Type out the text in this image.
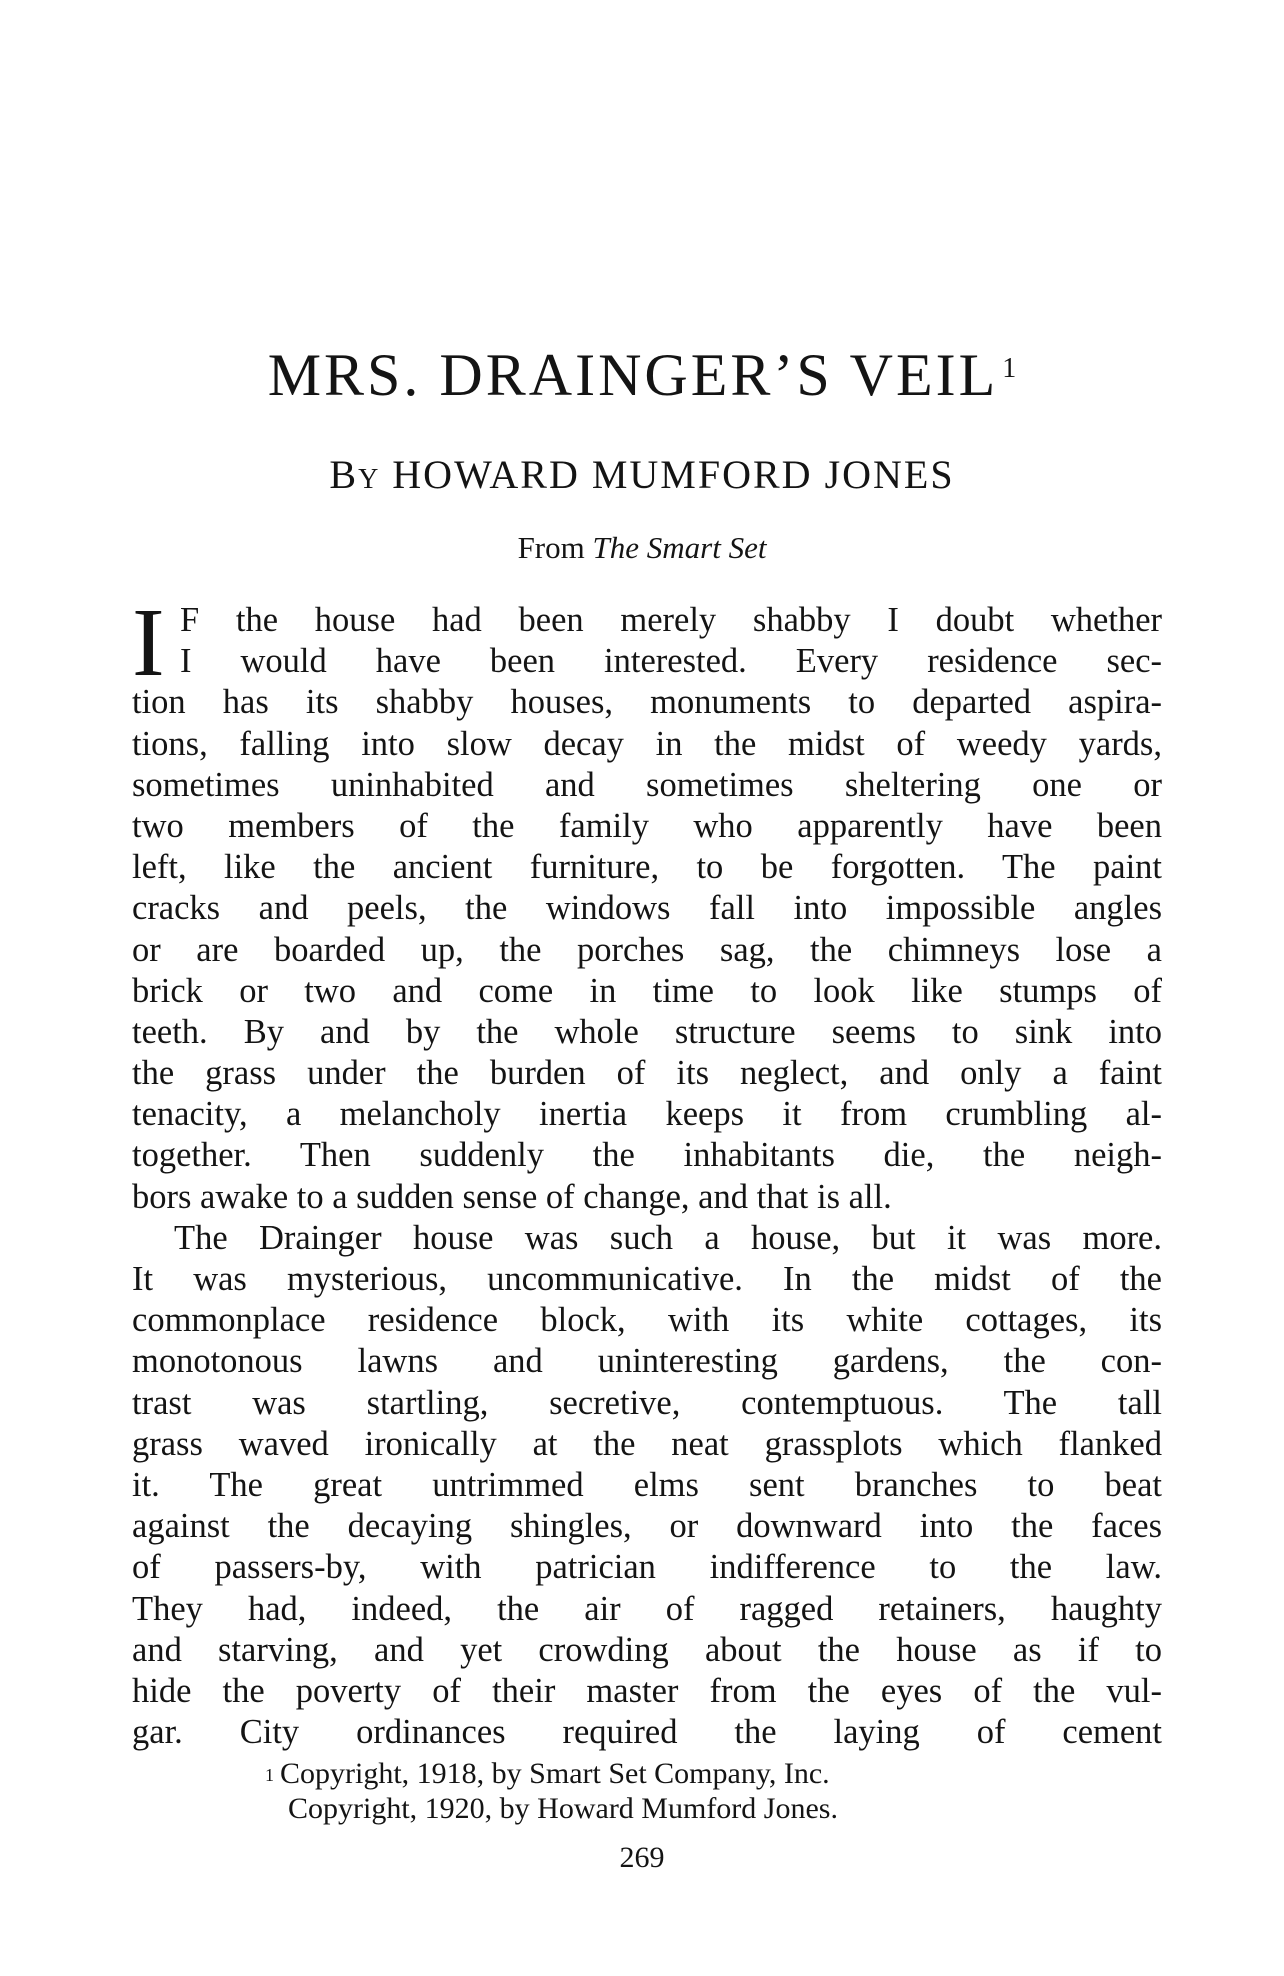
MRS. DRAINGER’S VEIL $^1$
By HOWARD MUMFORD JONES
From The Smart Set
I F the house had been merely shabby I doubt whether
I would have been interested. Every residence sec-
tion has its shabby houses, monuments to departed aspira-
tions, falling into slow decay in the midst of weedy yards,
sometimes uninhabited and sometimes sheltering one or
two members of the family who apparently have been
left, like the ancient furniture, to be forgotten. The paint
cracks and peels, the windows fall into impossible angles
or are boarded up, the porches sag, the chimneys lose a
brick or two and come in time to look like stumps of
teeth. By and by the whole structure seems to sink into
the grass under the burden of its neglect, and only a faint
tenacity, a melancholy inertia keeps it from crumbling al-
together. Then suddenly the inhabitants die, the neigh-
bors awake to a sudden sense of change, and that is all.
The Drainger house was such a house, but it was more.
It was mysterious, uncommunicative. In the midst of the
commonplace residence block, with its white cottages, its
monotonous lawns and uninteresting gardens, the con-
trast was startling, secretive, contemptuous. The tall
grass waved ironically at the neat grassplots which flanked
it. The great untrimmed elms sent branches to beat
against the decaying shingles, or downward into the faces
of passers-by, with patrician indifference to the law.
They had, indeed, the air of ragged retainers, haughty
and starving, and yet crowding about the house as if to
hide the poverty of their master from the eyes of the vul-
gar. City ordinances required the laying of cement
$^1$ Copyright, 1918, by Smart Set Company, Inc.
Copyright, 1920, by Howard Mumford Jones.
269
